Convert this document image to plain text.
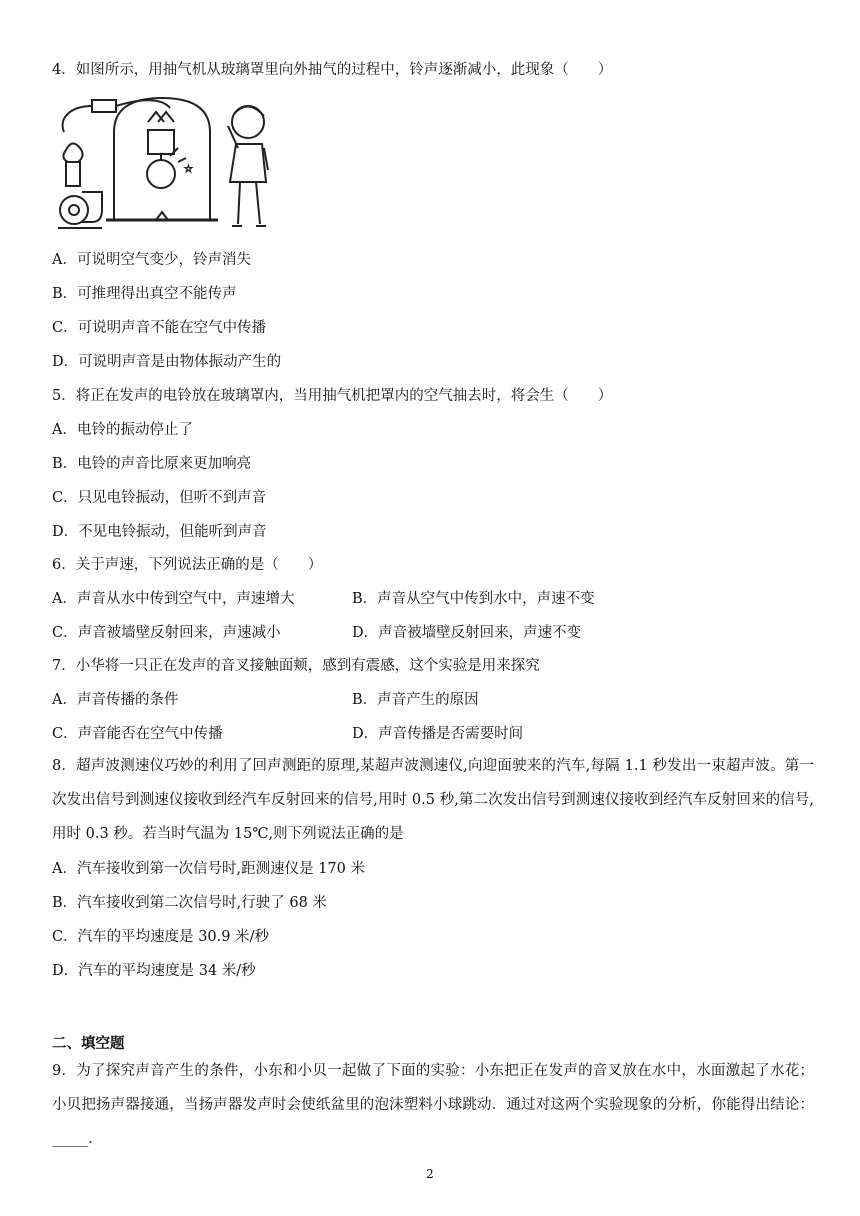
4．如图所示，用抽气机从玻璃罩里向外抽气的过程中，铃声逐渐减小，此现象（　　）
☆
A．可说明空气变少，铃声消失
B．可推理得出真空不能传声
C．可说明声音不能在空气中传播
D．可说明声音是由物体振动产生的
5．将正在发声的电铃放在玻璃罩内，当用抽气机把罩内的空气抽去时，将会生（　　）
A．电铃的振动停止了
B．电铃的声音比原来更加响亮
C．只见电铃振动，但听不到声音
D．不见电铃振动，但能听到声音
6．关于声速，下列说法正确的是（　　）
A．声音从水中传到空气中，声速增大	B．声音从空气中传到水中，声速不变
C．声音被墙壁反射回来，声速减小	D．声音被墙壁反射回来，声速不变
7．小华将一只正在发声的音叉接触面颊，感到有震感，这个实验是用来探究
A．声音传播的条件	B．声音产生的原因
C．声音能否在空气中传播	D．声音传播是否需要时间
8．超声波测速仪巧妙的利用了回声测距的原理,某超声波测速仪,向迎面驶来的汽车,每隔 1.1 秒发出一束超声波。第一次发出信号到测速仪接收到经汽车反射回来的信号,用时 0.5 秒,第二次发出信号到测速仪接收到经汽车反射回来的信号,用时 0.3 秒。若当时气温为 15℃,则下列说法正确的是
A．汽车接收到第一次信号时,距测速仪是 170 米
B．汽车接收到第二次信号时,行驶了 68 米
C．汽车的平均速度是 30.9 米/秒
D．汽车的平均速度是 34 米/秒
二、填空题
9．为了探究声音产生的条件，小东和小贝一起做了下面的实验：小东把正在发声的音叉放在水中，水面激起了水花；小贝把扬声器接通，当扬声器发声时会使纸盆里的泡沫塑料小球跳动．通过对这两个实验现象的分析，你能得出结论：_____．
2
